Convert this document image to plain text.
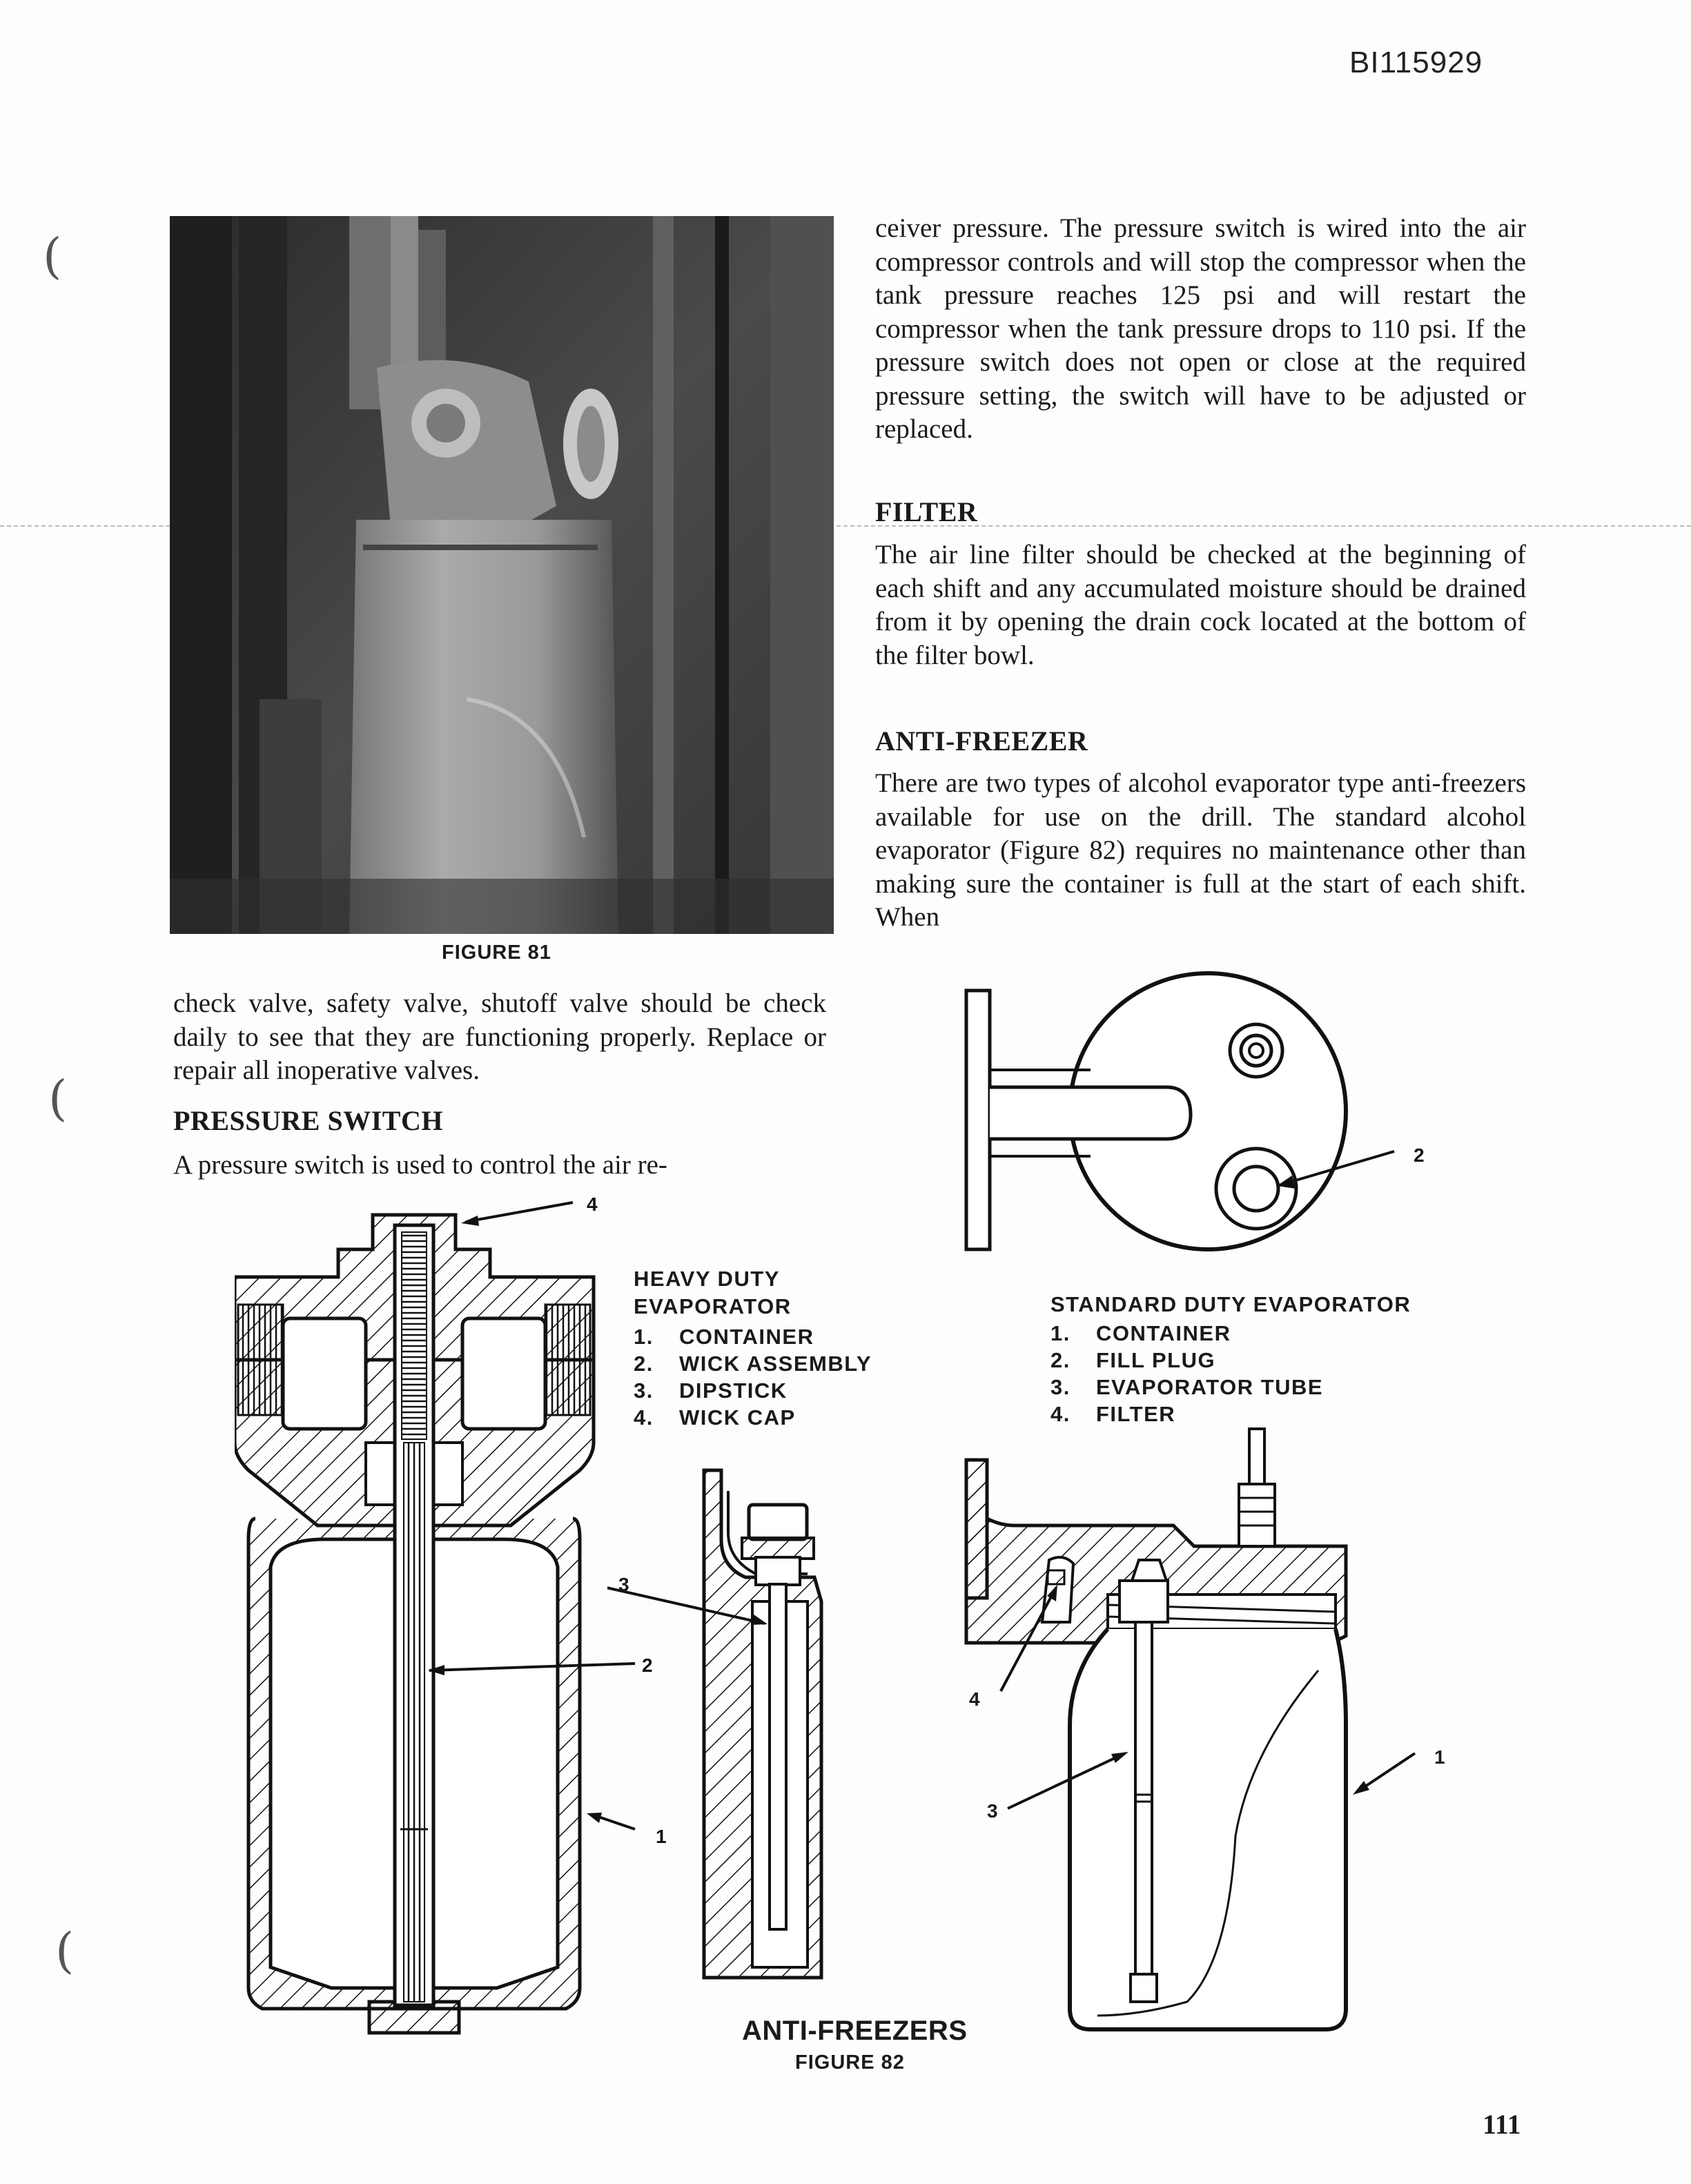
(
(
(
BI115929
FIGURE 81
ceiver pressure. The pressure switch is wired into the air compressor controls and will stop the compressor when the tank pressure reaches 125 psi and will restart the compressor when the tank pressure drops to 110 psi. If the pressure switch does not open or close at the required pressure setting, the switch will have to be adjusted or replaced.
FILTER
The air line filter should be checked at the beginning of each shift and any accumulated moisture should be drained from it by opening the drain cock located at the bottom of the filter bowl.
ANTI-FREEZER
There are two types of alcohol evaporator type anti-freezers available for use on the drill. The standard alcohol evaporator (Figure 82) requires no maintenance other than making sure the container is full at the start of each shift. When
check valve, safety valve, shutoff valve should be check daily to see that they are functioning properly. Replace or repair all inoperative valves.
PRESSURE SWITCH
A pressure switch is used to control the air re-	2
HEAVY DUTY
EVAPORATOR
1. CONTAINER
2. WICK ASSEMBLY
3. DIPSTICK
4. WICK CAP
STANDARD DUTY EVAPORATOR
1. CONTAINER
2. FILL PLUG
3. EVAPORATOR TUBE
4. FILTER
4
2
1
3
4
3
1
ANTI-FREEZERS
FIGURE 82
111
